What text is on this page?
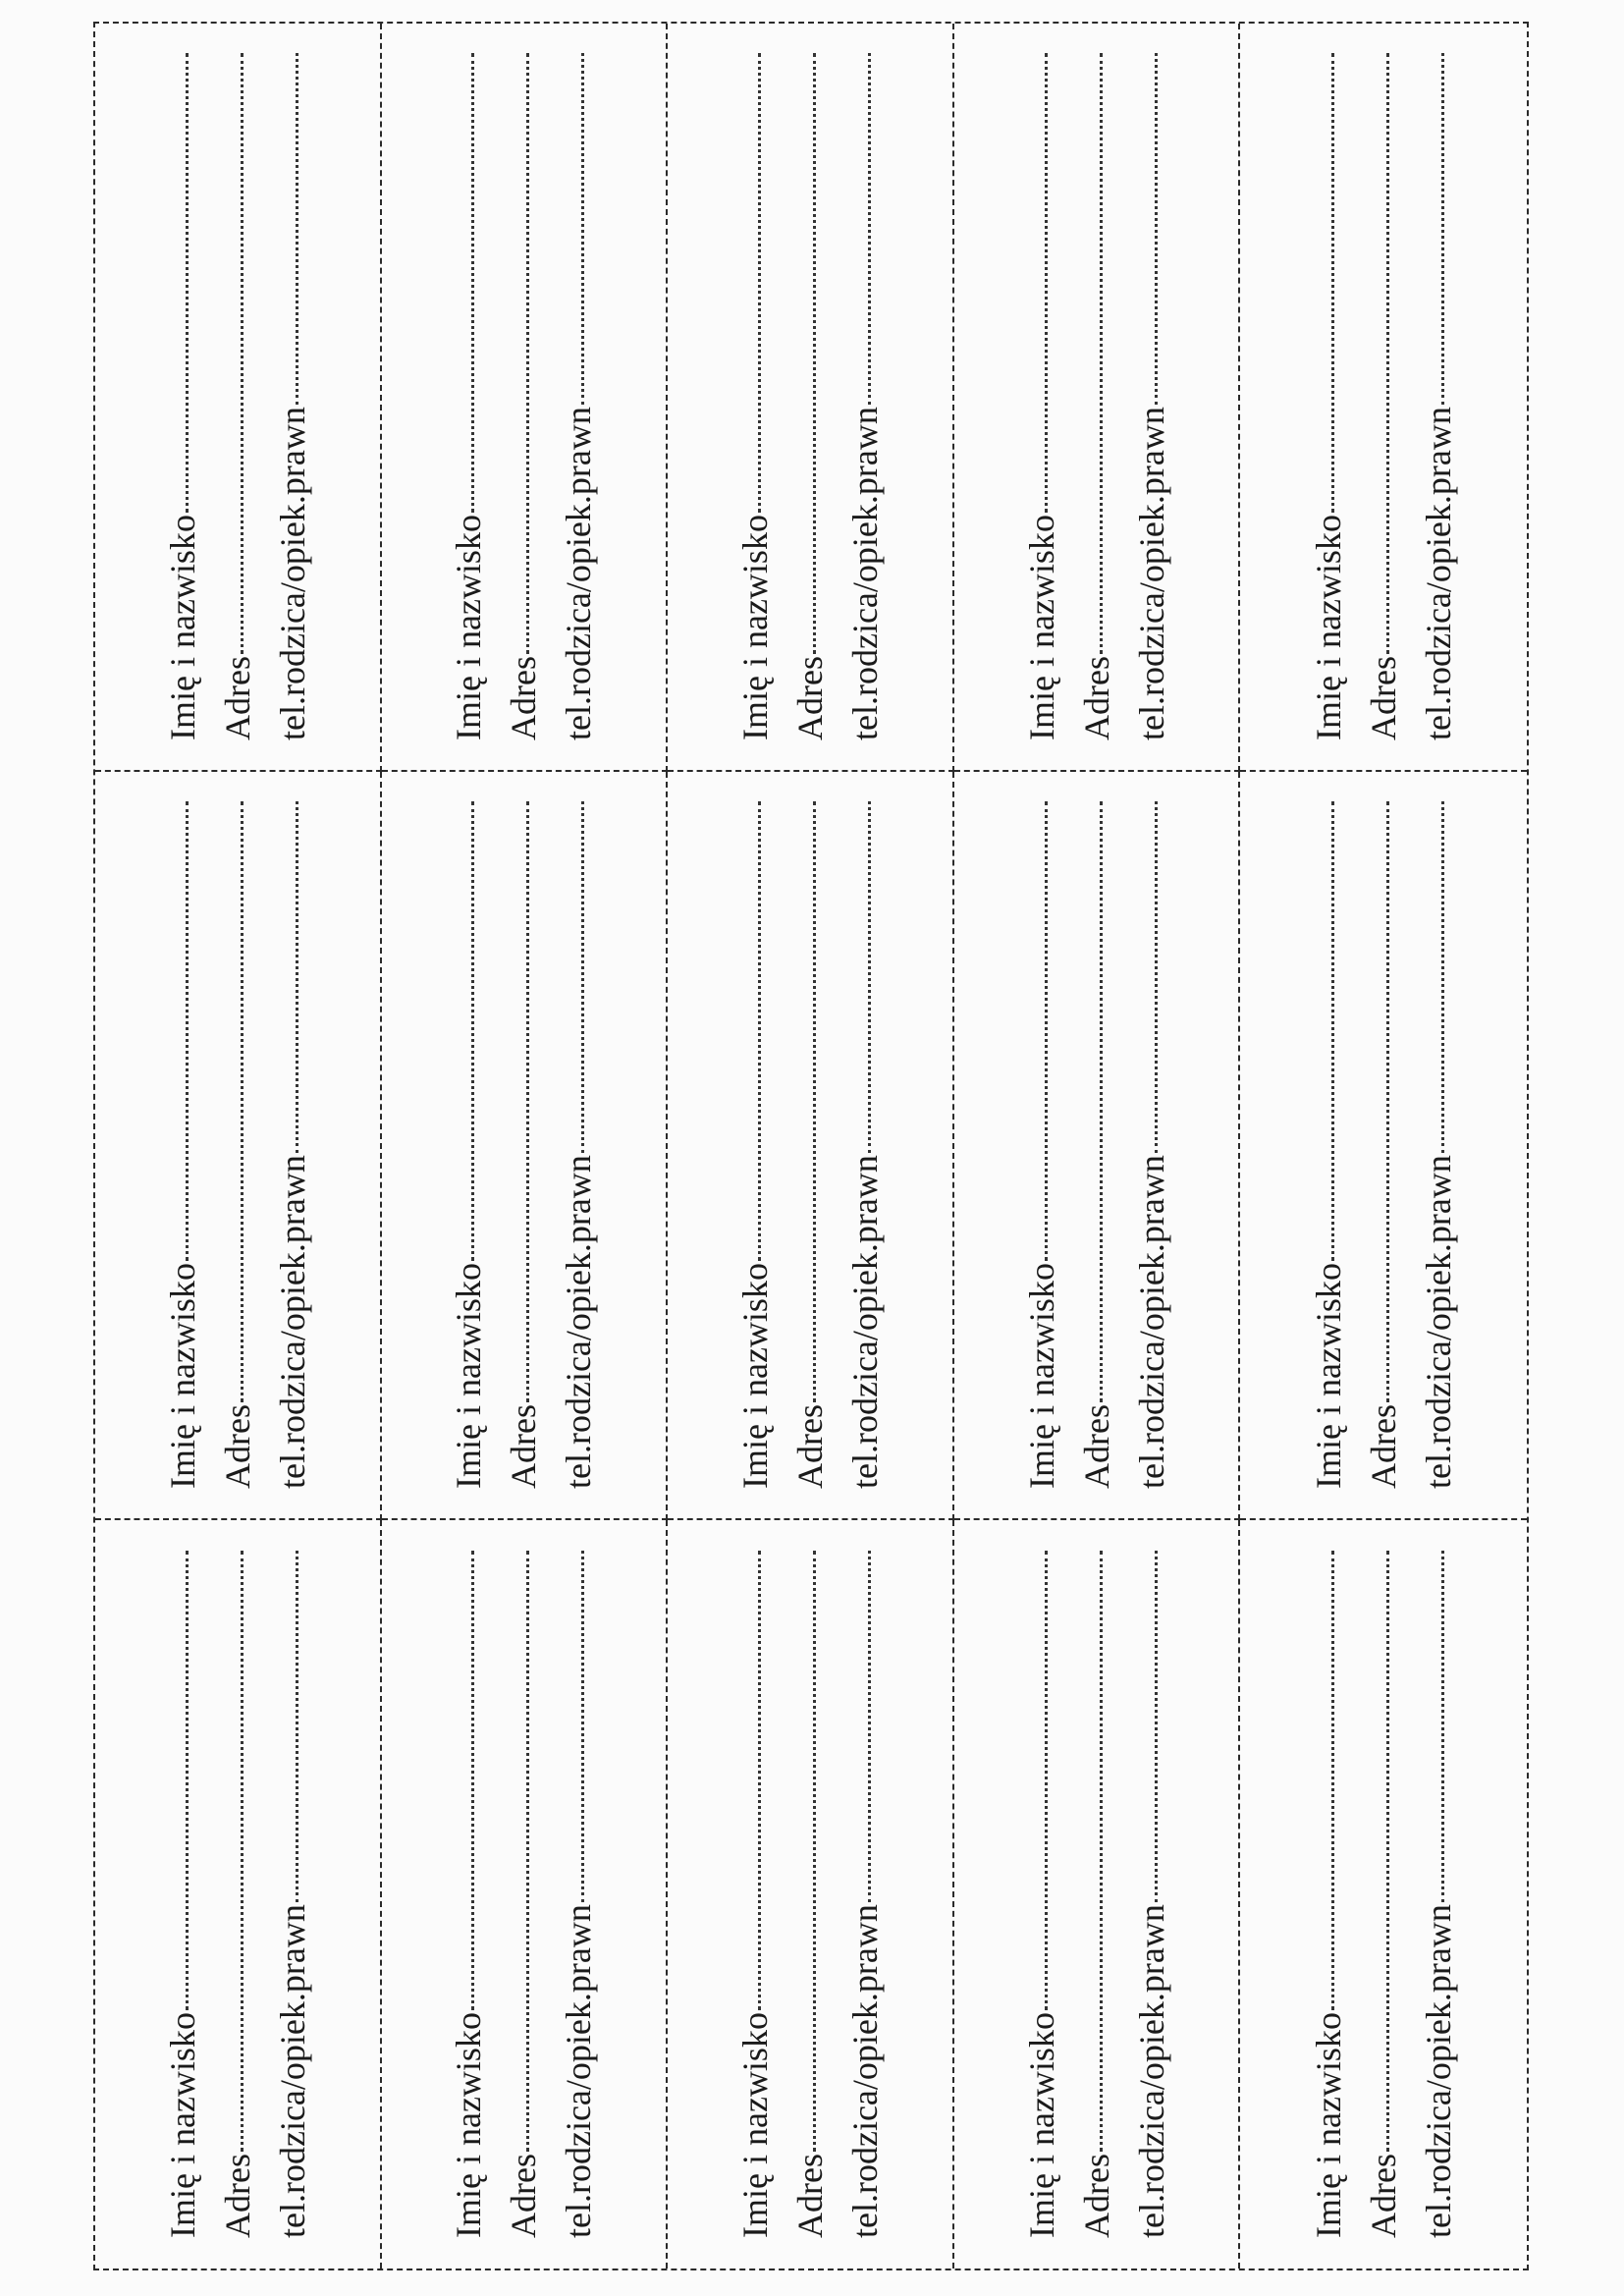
Imię i nazwisko Adres tel.rodzica/opiek.prawn	Imię i nazwisko Adres tel.rodzica/opiek.prawn	Imię i nazwisko Adres tel.rodzica/opiek.prawn	Imię i nazwisko Adres tel.rodzica/opiek.prawn	Imię i nazwisko Adres tel.rodzica/opiek.prawn
Imię i nazwisko Adres tel.rodzica/opiek.prawn	Imię i nazwisko Adres tel.rodzica/opiek.prawn	Imię i nazwisko Adres tel.rodzica/opiek.prawn	Imię i nazwisko Adres tel.rodzica/opiek.prawn	Imię i nazwisko Adres tel.rodzica/opiek.prawn
Imię i nazwisko Adres tel.rodzica/opiek.prawn	Imię i nazwisko Adres tel.rodzica/opiek.prawn	Imię i nazwisko Adres tel.rodzica/opiek.prawn	Imię i nazwisko Adres tel.rodzica/opiek.prawn	Imię i nazwisko Adres tel.rodzica/opiek.prawn
